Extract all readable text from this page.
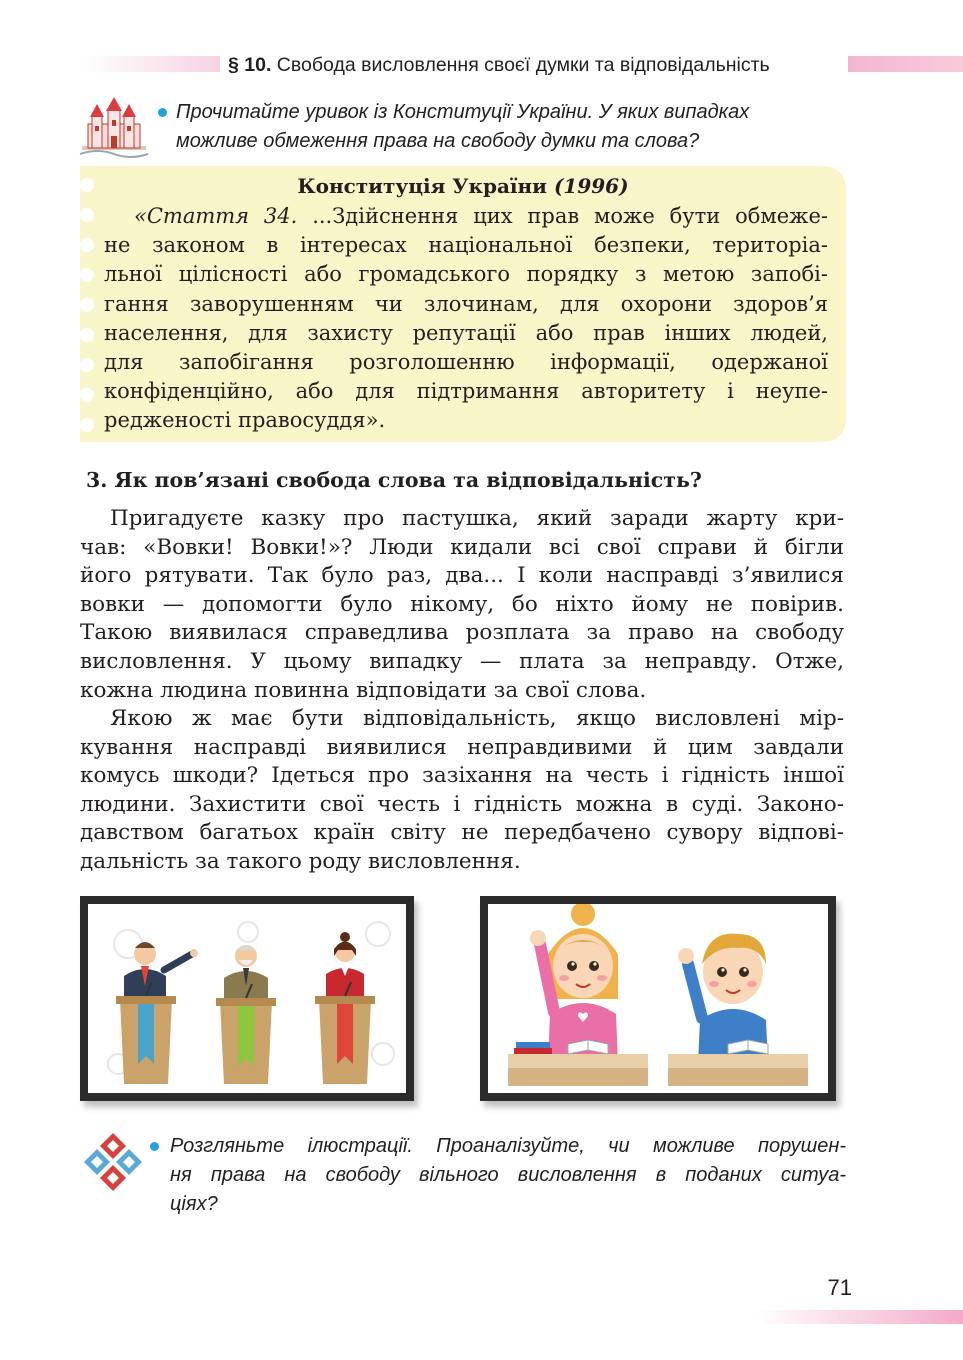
§ 10. Свобода висловлення своєї думки та відповідальність
Прочитайте уривок із Конституції України. У яких випадках
можливе обмеження права на свободу думки та слова?
Конституція України (1996)
«Стаття 34. ...Здійснення цих прав може бути обмеже-
не законом в інтересах національної безпеки, територіа-
льної цілісності або громадського порядку з метою запобі-
гання заворушенням чи злочинам, для охорони здоров’я
населення, для захисту репутації або прав інших людей,
для запобігання розголошенню інформації, одержаної
конфіденційно, або для підтримання авторитету і неупе-
редженості правосуддя».
3. Як пов’язані свобода слова та відповідальність?
Пригадуєте казку про пастушка, який заради жарту кри-
чав: «Вовки! Вовки!»? Люди кидали всі свої справи й бігли
його рятувати. Так було раз, два... І коли насправді з’явилися
вовки — допомогти було нікому, бо ніхто йому не повірив.
Такою виявилася справедлива розплата за право на свободу
висловлення. У цьому випадку — плата за неправду. Отже,
кожна людина повинна відповідати за свої слова.
Якою ж має бути відповідальність, якщо висловлені мір-
кування насправді виявилися неправдивими й цим завдали
комусь шкоди? Ідеться про зазіхання на честь і гідність іншої
людини. Захистити свої честь і гідність можна в суді. Законо-
давством багатьох країн світу не передбачено сувору відпові-
дальність за такого роду висловлення.
Розгляньте ілюстрації. Проаналізуйте, чи можливе порушен-
ня права на свободу вільного висловлення в поданих ситуа-
ціях?
71
